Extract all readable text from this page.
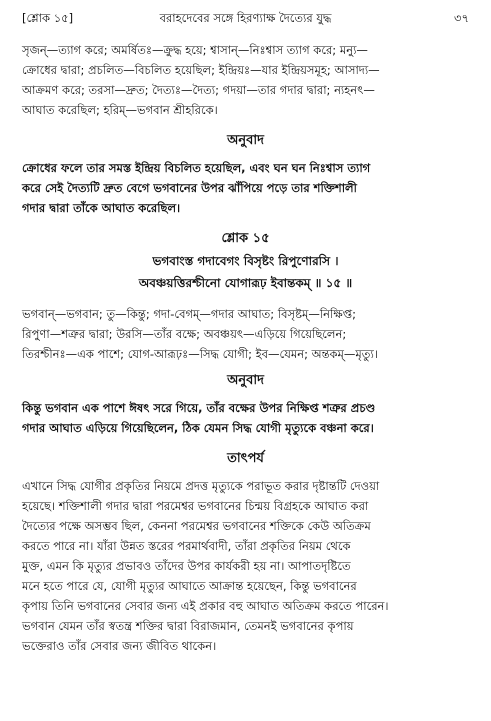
[শ্লোক ১৫]	বরাহদেবের সঙ্গে হিরণ্যাক্ষ দৈত্যের যুদ্ধ	৩৭

সৃজন্—ত্যাগ করে; অমর্ষিতঃ—ক্রুদ্ধ হয়ে; শ্বাসান্—নিঃশ্বাস ত্যাগ করে; মন্যু—

ক্রোধের দ্বারা; প্রচলিত—বিচলিত হয়েছিল; ইন্দ্রিয়ঃ—যার ইন্দ্রিয়সমূহ; আসাদ্য—

আক্রমণ করে; তরসা—দ্রুত; দৈত্যঃ—দৈত্য; গদয়া—তার গদার দ্বারা; ন্যহনৎ—

আঘাত করেছিল; হরিম্—ভগবান শ্রীহরিকে।

অনুবাদ

ক্রোধের ফলে তার সমস্ত ইন্দ্রিয় বিচলিত হয়েছিল, এবং ঘন ঘন নিঃশ্বাস ত্যাগ

করে সেই দৈত্যটি দ্রুত বেগে ভগবানের উপর ঝাঁপিয়ে পড়ে তার শক্তিশালী

গদার দ্বারা তাঁকে আঘাত করেছিল।

শ্লোক ১৫
ভগবাংস্ত গদাবেগং বিসৃষ্টং রিপুণোরসি ।
অবঞ্চয়ত্তিরশ্চীনো যোগারূঢ় ইবান্তকম্ ॥ ১৫ ॥

ভগবান্—ভগবান; তু—কিন্তু; গদা-বেগম্—গদার আঘাত; বিসৃষ্টম্—নিক্ষিপ্ত;

রিপুণা—শত্রুর দ্বারা; উরসি—তাঁর বক্ষে; অবঞ্চয়ৎ—এড়িয়ে গিয়েছিলেন;

তিরশ্চীনঃ—এক পাশে; যোগ-আরূঢ়ঃ—সিদ্ধ যোগী; ইব—যেমন; অন্তকম্—মৃত্যু।

অনুবাদ

কিন্তু ভগবান এক পাশে ঈষৎ সরে গিয়ে, তাঁর বক্ষের উপর নিক্ষিপ্ত শত্রুর প্রচণ্ড

গদার আঘাত এড়িয়ে গিয়েছিলেন, ঠিক যেমন সিদ্ধ যোগী মৃত্যুকে বঞ্চনা করে।

তাৎপর্য

এখানে সিদ্ধ যোগীর প্রকৃতির নিয়মে প্রদত্ত মৃত্যুকে পরাভূত করার দৃষ্টান্তটি দেওয়া

হয়েছে। শক্তিশালী গদার দ্বারা পরমেশ্বর ভগবানের চিন্ময় বিগ্রহকে আঘাত করা

দৈত্যের পক্ষে অসম্ভব ছিল, কেননা পরমেশ্বর ভগবানের শক্তিকে কেউ অতিক্রম

করতে পারে না। যাঁরা উন্নত স্তরের পরমার্থবাদী, তাঁরা প্রকৃতির নিয়ম থেকে

মুক্ত, এমন কি মৃত্যুর প্রভাবও তাঁদের উপর কার্যকরী হয় না। আপাতদৃষ্টিতে

মনে হতে পারে যে, যোগী মৃত্যুর আঘাতে আক্রান্ত হয়েছেন, কিন্তু ভগবানের

কৃপায় তিনি ভগবানের সেবার জন্য এই প্রকার বহু আঘাত অতিক্রম করতে পারেন।

ভগবান যেমন তাঁর স্বতন্ত্র শক্তির দ্বারা বিরাজমান, তেমনই ভগবানের কৃপায়

ভক্তেরাও তাঁর সেবার জন্য জীবিত থাকেন।
